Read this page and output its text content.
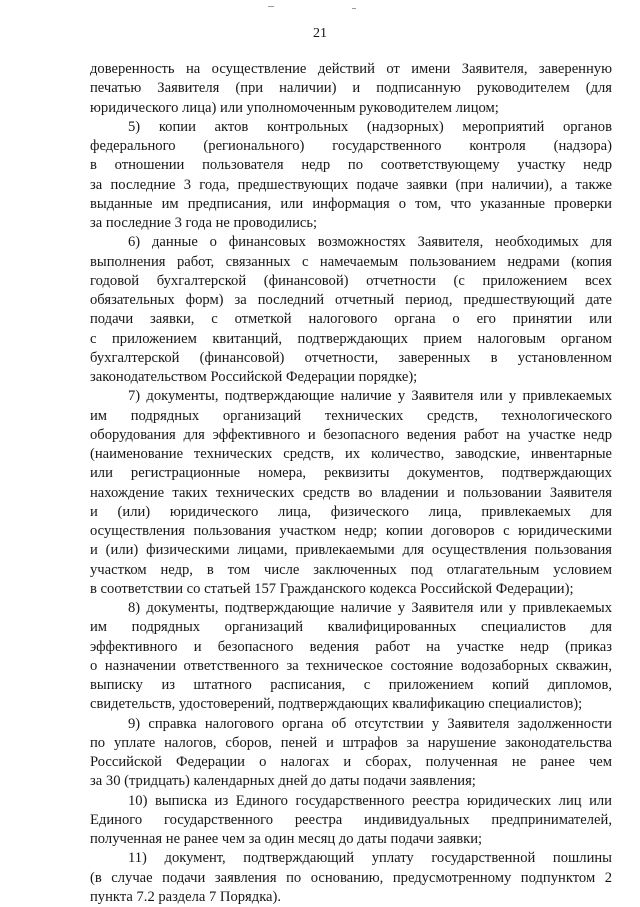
21
доверенность на осуществление действий от имени Заявителя, заверенную
печатью Заявителя (при наличии) и подписанную руководителем (для
юридического лица) или уполномоченным руководителем лицом;
5) копии актов контрольных (надзорных) мероприятий органов
федерального (регионального) государственного контроля (надзора)
в отношении пользователя недр по соответствующему участку недр
за последние 3 года, предшествующих подаче заявки (при наличии), а также
выданные им предписания, или информация о том, что указанные проверки
за последние 3 года не проводились;
6) данные о финансовых возможностях Заявителя, необходимых для
выполнения работ, связанных с намечаемым пользованием недрами (копия
годовой бухгалтерской (финансовой) отчетности (с приложением всех
обязательных форм) за последний отчетный период, предшествующий дате
подачи заявки, с отметкой налогового органа о его принятии или
с приложением квитанций, подтверждающих прием налоговым органом
бухгалтерской (финансовой) отчетности, заверенных в установленном
законодательством Российской Федерации порядке);
7) документы, подтверждающие наличие у Заявителя или у привлекаемых
им подрядных организаций технических средств, технологического
оборудования для эффективного и безопасного ведения работ на участке недр
(наименование технических средств, их количество, заводские, инвентарные
или регистрационные номера, реквизиты документов, подтверждающих
нахождение таких технических средств во владении и пользовании Заявителя
и (или) юридического лица, физического лица, привлекаемых для
осуществления пользования участком недр; копии договоров с юридическими
и (или) физическими лицами, привлекаемыми для осуществления пользования
участком недр, в том числе заключенных под отлагательным условием
в соответствии со статьей 157 Гражданского кодекса Российской Федерации);
8) документы, подтверждающие наличие у Заявителя или у привлекаемых
им подрядных организаций квалифицированных специалистов для
эффективного и безопасного ведения работ на участке недр (приказ
о назначении ответственного за техническое состояние водозаборных скважин,
выписку из штатного расписания, с приложением копий дипломов,
свидетельств, удостоверений, подтверждающих квалификацию специалистов);
9) справка налогового органа об отсутствии у Заявителя задолженности
по уплате налогов, сборов, пеней и штрафов за нарушение законодательства
Российской Федерации о налогах и сборах, полученная не ранее чем
за 30 (тридцать) календарных дней до даты подачи заявления;
10) выписка из Единого государственного реестра юридических лиц или
Единого государственного реестра индивидуальных предпринимателей,
полученная не ранее чем за один месяц до даты подачи заявки;
11) документ, подтверждающий уплату государственной пошлины
(в случае подачи заявления по основанию, предусмотренному подпунктом 2
пункта 7.2 раздела 7 Порядка).
